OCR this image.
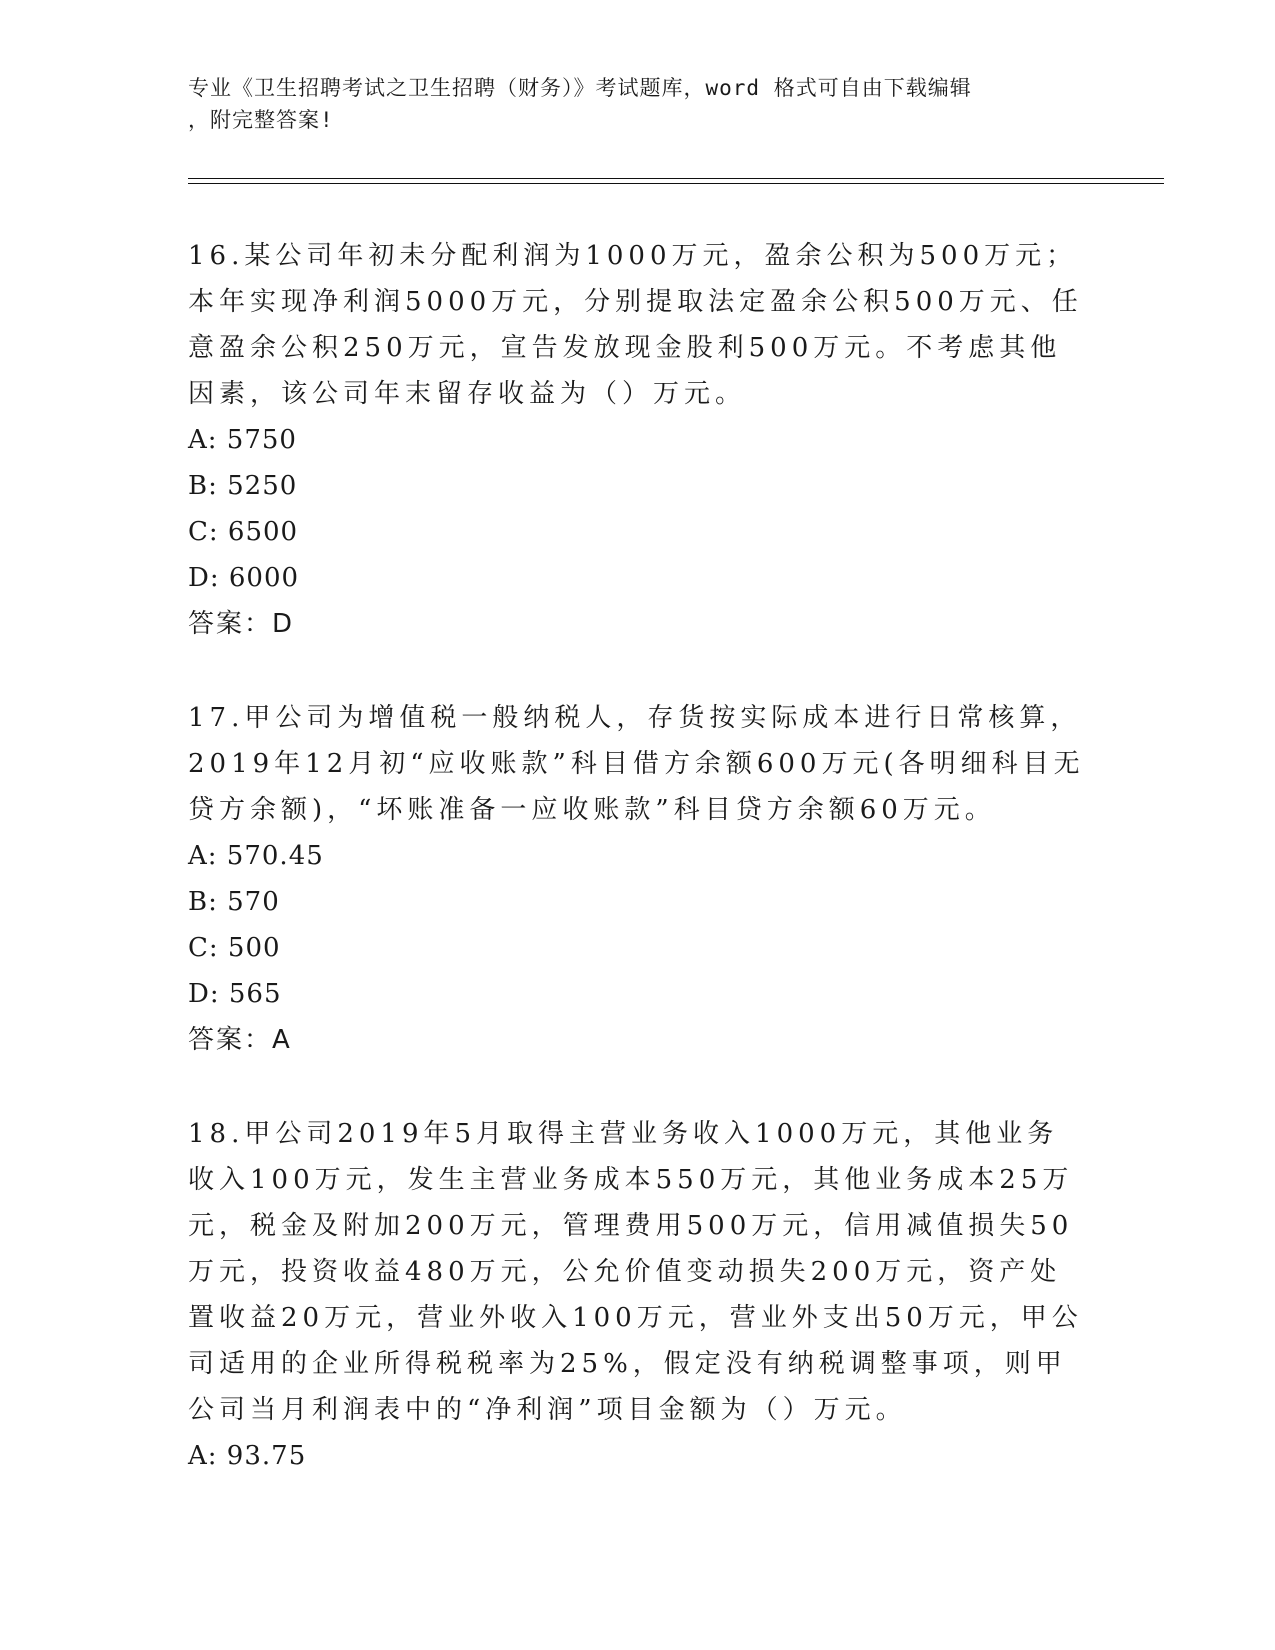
专业《卫生招聘考试之卫生招聘（财务）》考试题库，word 格式可自由下载编辑
，附完整答案!

16.某公司年初未分配利润为1000万元，盈余公积为500万元；本年实现净利润5000万元，分别提取法定盈余公积500万元、任意盈余公积250万元，宣告发放现金股利500万元。不考虑其他因素，该公司年末留存收益为（）万元。

A: 5750

B: 5250

C: 6500

D: 6000

答案：D

17.甲公司为增值税一般纳税人，存货按实际成本进行日常核算，2019年12月初“应收账款”科目借方余额600万元(各明细科目无贷方余额)，“坏账准备一应收账款”科目贷方余额60万元。

A: 570.45

B: 570

C: 500

D: 565

答案：A

18.甲公司2019年5月取得主营业务收入1000万元，其他业务收入100万元，发生主营业务成本550万元，其他业务成本25万元，税金及附加200万元，管理费用500万元，信用减值损失50万元，投资收益480万元，公允价值变动损失200万元，资产处置收益20万元，营业外收入100万元，营业外支出50万元，甲公司适用的企业所得税税率为25%，假定没有纳税调整事项，则甲公司当月利润表中的“净利润”项目金额为（）万元。

A: 93.75
